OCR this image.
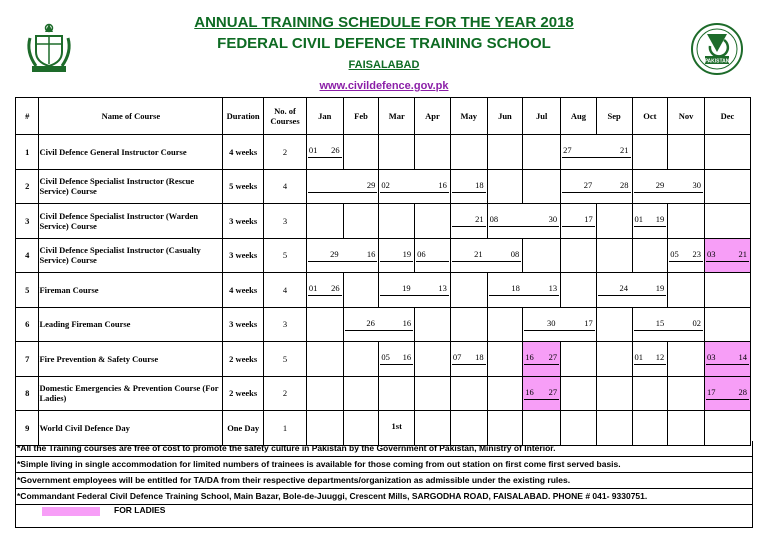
ANNUAL TRAINING SCHEDULE FOR THE YEAR 2018
FEDERAL CIVIL DEFENCE TRAINING SCHOOL
FAISALABAD
www.civildefence.gov.pk
PAKISTAN
#	Name of Course	Duration	No. of Courses	Jan	Feb	Mar	Apr	May	Jun	Jul	Aug	Sep	Oct	Nov	Dec
1	Civil Defence General Instructor Course	4 weeks	2	01 26							27 21				

2	Civil Defence Specialist Instructor (Rescue Service) Course	5 weeks	4	29		02 16		18			27 28		29 30		

3	Civil Defence Specialist Instructor (Warden Service) Course	3 weeks	3					21	08 30		17		01 19		

4	Civil Defence Specialist Instructor (Casualty Service) Course	3 weeks	5	29 16		19	06	21 08						05 23	03 21

5	Fireman Course	4 weeks	4	01 26		19 13			18 13			24 19			

6	Leading Fireman Course	3 weeks	3		26 16					30 17			15 02		

7	Fire Prevention & Safety Course	2 weeks	5			05 16		07 18		16 27			01 12		03 14

8	Domestic Emergencies & Prevention Course (For Ladies)	2 weeks	2							16 27					17 28

9	World Civil Defence Day	One Day	1			1st									

*All the Training courses are free of cost to promote the safety culture in Pakistan by the Government of Pakistan, Ministry of Interior.
*Simple living in single accommodation for limited numbers of trainees is available for those coming from out station on first come first served basis.
*Government employees will be entitled for TA/DA from their respective departments/organization as admissible under the existing rules.
*Commandant Federal Civil Defence Training School, Main Bazar, Bole-de-Juuggi, Crescent Mills, SARGODHA ROAD, FAISALABAD. PHONE # 041- 9330751.
FOR LADIES
